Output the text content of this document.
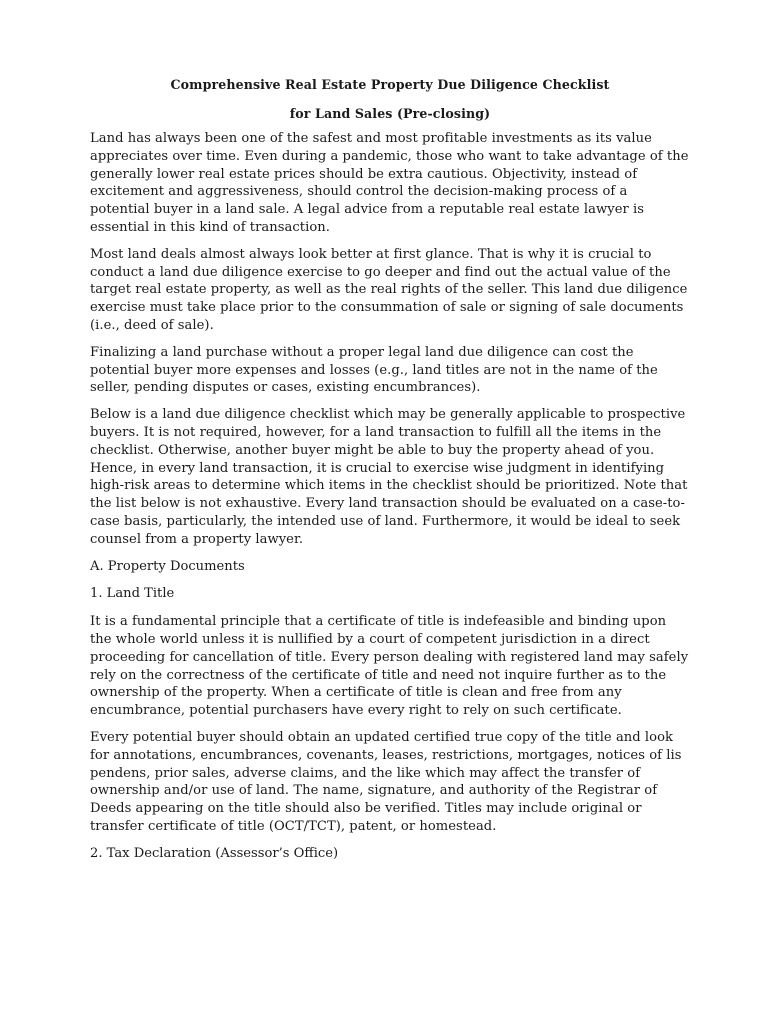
Comprehensive Real Estate Property Due Diligence Checklist
for Land Sales (Pre-closing)

Land has always been one of the safest and most profitable investments as its value appreciates over time. Even during a pandemic, those who want to take advantage of the generally lower real estate prices should be extra cautious. Objectivity, instead of excitement and aggressiveness, should control the decision-making process of a potential buyer in a land sale. A legal advice from a reputable real estate lawyer is essential in this kind of transaction.

Most land deals almost always look better at first glance. That is why it is crucial to conduct a land due diligence exercise to go deeper and find out the actual value of the target real estate property, as well as the real rights of the seller. This land due diligence exercise must take place prior to the consummation of sale or signing of sale documents (i.e., deed of sale).

Finalizing a land purchase without a proper legal land due diligence can cost the potential buyer more expenses and losses (e.g., land titles are not in the name of the seller, pending disputes or cases, existing encumbrances).

Below is a land due diligence checklist which may be generally applicable to prospective buyers. It is not required, however, for a land transaction to fulfill all the items in the checklist. Otherwise, another buyer might be able to buy the property ahead of you. Hence, in every land transaction, it is crucial to exercise wise judgment in identifying high-risk areas to determine which items in the checklist should be prioritized. Note that the list below is not exhaustive. Every land transaction should be evaluated on a case-to-case basis, particularly, the intended use of land. Furthermore, it would be ideal to seek counsel from a property lawyer.

A. Property Documents
1. Land Title

It is a fundamental principle that a certificate of title is indefeasible and binding upon the whole world unless it is nullified by a court of competent jurisdiction in a direct proceeding for cancellation of title. Every person dealing with registered land may safely rely on the correctness of the certificate of title and need not inquire further as to the ownership of the property. When a certificate of title is clean and free from any encumbrance, potential purchasers have every right to rely on such certificate.

Every potential buyer should obtain an updated certified true copy of the title and look for annotations, encumbrances, covenants, leases, restrictions, mortgages, notices of lis pendens, prior sales, adverse claims, and the like which may affect the transfer of ownership and/or use of land. The name, signature, and authority of the Registrar of Deeds appearing on the title should also be verified. Titles may include original or transfer certificate of title (OCT/TCT), patent, or homestead.

2. Tax Declaration (Assessor’s Office)
